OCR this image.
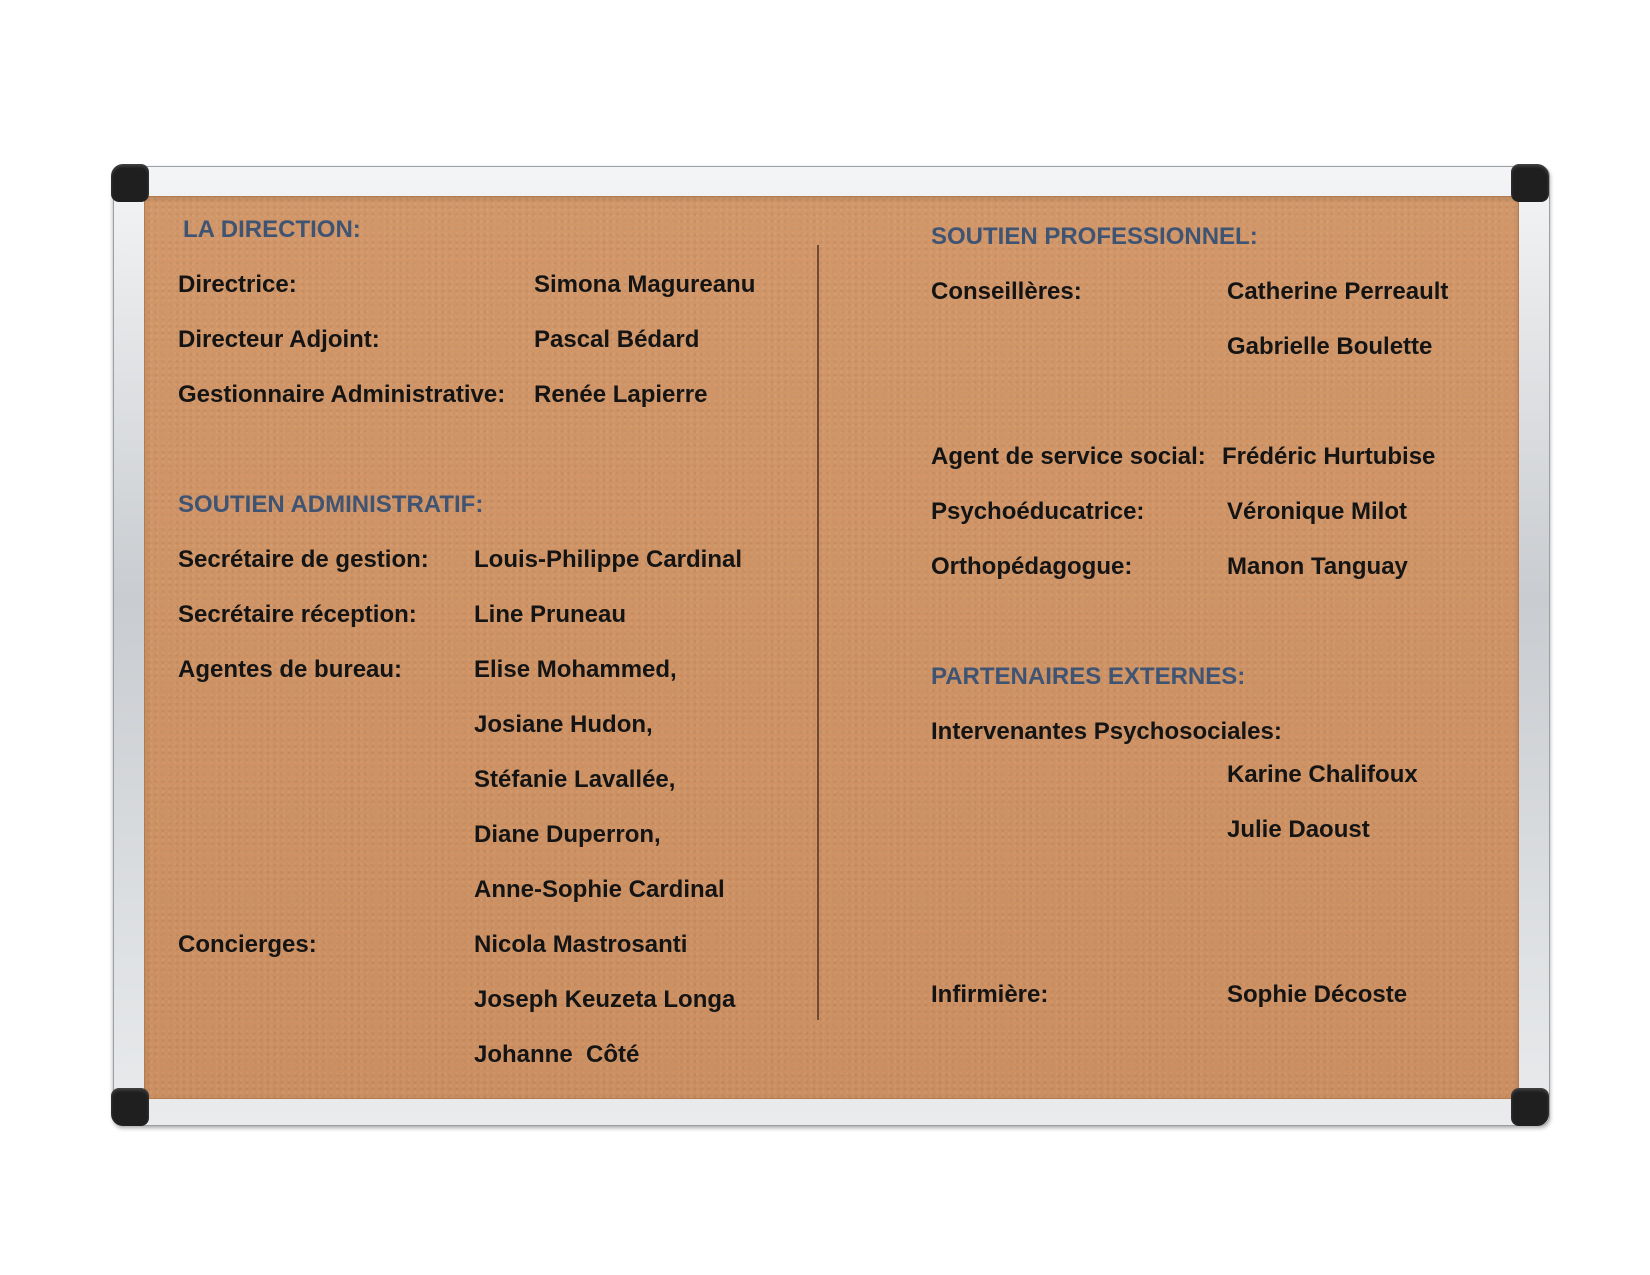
LA DIRECTION:

Directrice:	Simona Magureanu

Directeur Adjoint:	Pascal Bédard

Gestionnaire Administrative: Renée Lapierre

SOUTIEN ADMINISTRATIF:

Secrétaire de gestion: Louis-Philippe Cardinal

Secrétaire réception: Line Pruneau

Agentes de bureau:	Elise Mohammed,

Josiane Hudon,

Stéfanie Lavallée,

Diane Duperron,

Anne-Sophie Cardinal

Concierges:	Nicola Mastrosanti

Joseph Keuzeta Longa

Johanne  Côté

SOUTIEN PROFESSIONNEL:

Conseillères:	Catherine Perreault

Gabrielle Boulette

Agent de service social: Frédéric Hurtubise

Psychoéducatrice:	Véronique Milot

Orthopédagogue:	Manon Tanguay

PARTENAIRES EXTERNES:

Intervenantes Psychosociales:

Karine Chalifoux

Julie Daoust

Infirmière:	Sophie Décoste
